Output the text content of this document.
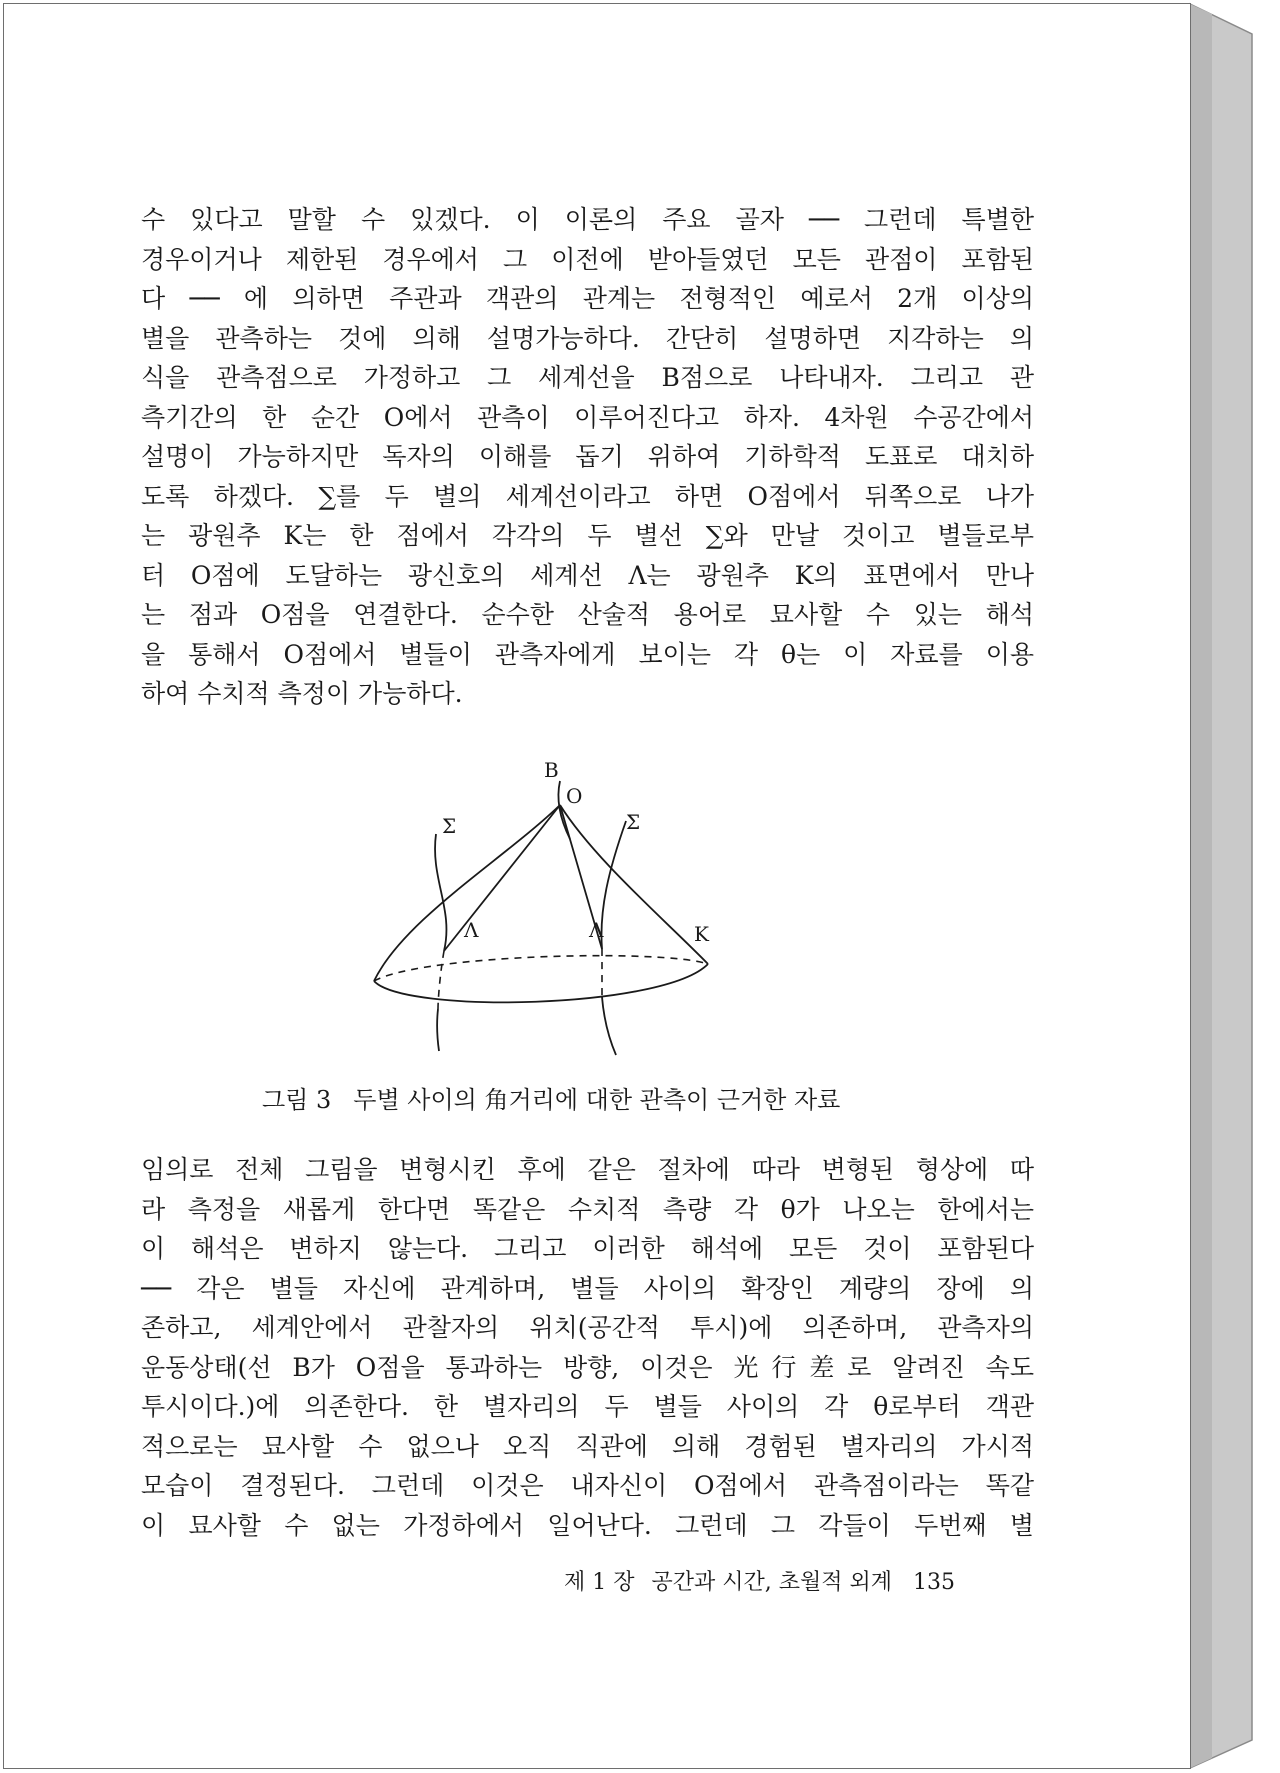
수 있다고 말할 수 있겠다. 이 이론의 주요 골자 ── 그런데 특별한
경우이거나 제한된 경우에서 그 이전에 받아들였던 모든 관점이 포함된
다 ── 에 의하면 주관과 객관의 관계는 전형적인 예로서 2개 이상의
별을 관측하는 것에 의해 설명가능하다. 간단히 설명하면 지각하는 의
식을 관측점으로 가정하고 그 세계선을 B점으로 나타내자. 그리고 관
측기간의 한 순간 O에서 관측이 이루어진다고 하자. 4차원 수공간에서
설명이 가능하지만 독자의 이해를 돕기 위하여 기하학적 도표로 대치하
도록 하겠다. ∑를 두 별의 세계선이라고 하면 O점에서 뒤쪽으로 나가
는 광원추 K는 한 점에서 각각의 두 별선 ∑와 만날 것이고 별들로부
터 O점에 도달하는 광신호의 세계선 Λ는 광원추 K의 표면에서 만나
는 점과 O점을 연결한다. 순수한 산술적 용어로 묘사할 수 있는 해석
을 통해서 O점에서 별들이 관측자에게 보이는 각 θ는 이 자료를 이용
하여 수치적 측정이 가능하다.
B
O
Σ	Σ
Λ	Λ	K
그림 3 두별 사이의 角거리에 대한 관측이 근거한 자료
임의로 전체 그림을 변형시킨 후에 같은 절차에 따라 변형된 형상에 따
라 측정을 새롭게 한다면 똑같은 수치적 측량 각 θ가 나오는 한에서는
이 해석은 변하지 않는다. 그리고 이러한 해석에 모든 것이 포함된다
── 각은 별들 자신에 관계하며, 별들 사이의 확장인 계량의 장에 의
존하고, 세계안에서 관찰자의 위치(공간적 투시)에 의존하며, 관측자의
운동상태(선 B가 O점을 통과하는 방향, 이것은 光行差로 알려진 속도
투시이다.)에 의존한다. 한 별자리의 두 별들 사이의 각 θ로부터 객관
적으로는 묘사할 수 없으나 오직 직관에 의해 경험된 별자리의 가시적
모습이 결정된다. 그런데 이것은 내자신이 O점에서 관측점이라는 똑같
이 묘사할 수 없는 가정하에서 일어난다. 그런데 그 각들이 두번째 별
제 1 장 공간과 시간, 초월적 외계 135
